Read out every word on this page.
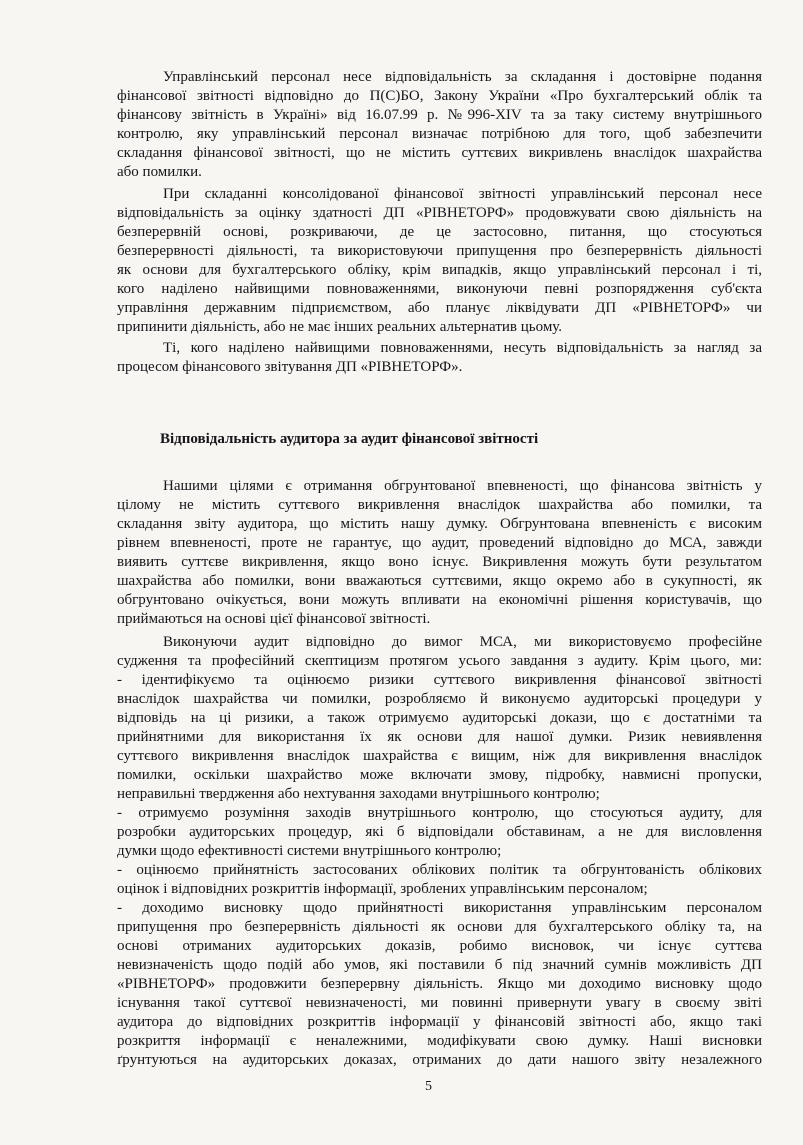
Управлінський персонал несе відповідальність за складання і достовірне подання
фінансової звітності відповідно до П(С)БО, Закону України «Про бухгалтерський облік та
фінансову звітність в Україні» від 16.07.99 р. №996-XIV та за таку систему внутрішнього
контролю, яку управлінський персонал визначає потрібною для того, щоб забезпечити
складання фінансової звітності, що не містить суттєвих викривлень внаслідок шахрайства
або помилки.
При складанні консолідованої фінансової звітності управлінський персонал несе
відповідальність за оцінку здатності ДП «РІВНЕТОРФ» продовжувати свою діяльність на
безперервній основі, розкриваючи, де це застосовно, питання, що стосуються
безперервності діяльності, та використовуючи припущення про безперервність діяльності
як основи для бухгалтерського обліку, крім випадків, якщо управлінський персонал і ті,
кого наділено найвищими повноваженнями, виконуючи певні розпорядження суб'єкта
управління державним підприємством, або планує ліквідувати ДП «РІВНЕТОРФ» чи
припинити діяльність, або не має інших реальних альтернатив цьому.
Ті, кого наділено найвищими повноваженнями, несуть відповідальність за нагляд за
процесом фінансового звітування ДП «РІВНЕТОРФ».
Нашими цілями є отримання обгрунтованої впевненості, що фінансова звітність у
цілому не містить суттєвого викривлення внаслідок шахрайства або помилки, та
складання звіту аудитора, що містить нашу думку. Обгрунтована впевненість є високим
рівнем впевненості, проте не гарантує, що аудит, проведений відповідно до МСА, завжди
виявить суттєве викривлення, якщо воно існує. Викривлення можуть бути результатом
шахрайства або помилки, вони вважаються суттєвими, якщо окремо або в сукупності, як
обгрунтовано очікується, вони можуть впливати на економічні рішення користувачів, що
приймаються на основі цієї фінансової звітності.
Виконуючи аудит відповідно до вимог МСА, ми використовуємо професійне
судження та професійний скептицизм протягом усього завдання з аудиту. Крім цього, ми:
- ідентифікуємо та оцінюємо ризики суттєвого викривлення фінансової звітності
внаслідок шахрайства чи помилки, розробляємо й виконуємо аудиторські процедури у
відповідь на ці ризики, а також отримуємо аудиторські докази, що є достатніми та
прийнятними для використання їх як основи для нашої думки. Ризик невиявлення
суттєвого викривлення внаслідок шахрайства є вищим, ніж для викривлення внаслідок
помилки, оскільки шахрайство може включати змову, підробку, навмисні пропуски,
неправильні твердження або нехтування заходами внутрішнього контролю;
- отримуємо розуміння заходів внутрішнього контролю, що стосуються аудиту, для
розробки аудиторських процедур, які б відповідали обставинам, а не для висловлення
думки щодо ефективності системи внутрішнього контролю;
- оцінюємо прийнятність застосованих облікових політик та обгрунтованість облікових
оцінок і відповідних розкриттів інформації, зроблених управлінським персоналом;
- доходимо висновку щодо прийнятності використання управлінським персоналом
припущення про безперервність діяльності як основи для бухгалтерського обліку та, на
основі отриманих аудиторських доказів, робимо висновок, чи існує суттєва
невизначеність щодо подій або умов, які поставили б під значний сумнів можливість ДП
«РІВНЕТОРФ» продовжити безперервну діяльність. Якщо ми доходимо висновку щодо
існування такої суттєвої невизначеності, ми повинні привернути увагу в своєму звіті
аудитора до відповідних розкриттів інформації у фінансовій звітності або, якщо такі
розкриття інформації є неналежними, модифікувати свою думку. Наші висновки
ґрунтуються на аудиторських доказах, отриманих до дати нашого звіту незалежного
Відповідальність аудитора за аудит фінансової звітності
5
